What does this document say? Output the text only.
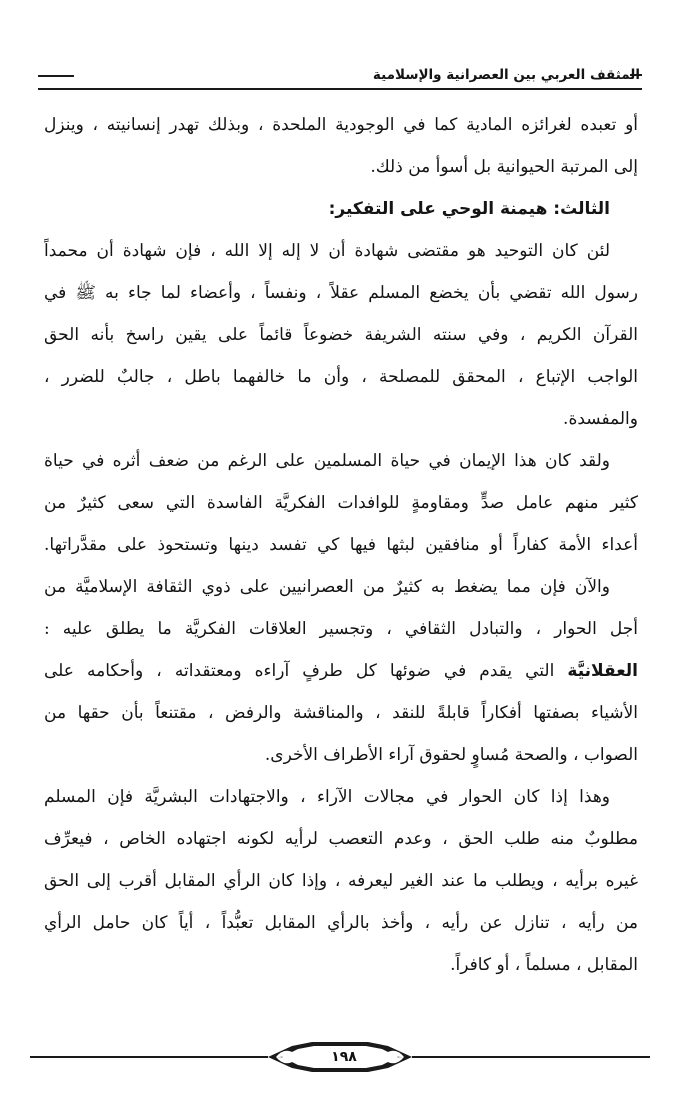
المثقف العربي بين العصرانية والإسلامية
أو تعبده لغرائزه المادية كما في الوجودية الملحدة ، وبذلك تهدر إنسانيته ، وينزل
إلى المرتبة الحيوانية بل أسوأ من ذلك.
الثالث: هيمنة الوحي على التفكير:
لئن كان التوحيد هو مقتضى شهادة أن لا إله إلا الله ، فإن شهادة أن محمداً
رسول الله تقضي بأن يخضع المسلم عقلاً ، ونفساً ، وأعضاء لما جاء به ﷺ في
القرآن الكريم ، وفي سنته الشريفة خضوعاً قائماً على يقين راسخ بأنه الحق
الواجب الإتباع ، المحقق للمصلحة ، وأن ما خالفهما باطل ، جالبٌ للضرر ،
والمفسدة.
ولقد كان هذا الإيمان في حياة المسلمين على الرغم من ضعف أثره في حياة
كثير منهم عامل صدٍّ ومقاومةٍ للوافدات الفكريَّة الفاسدة التي سعى كثيرٌ من
أعداء الأمة كفاراً أو منافقين لبثها فيها كي تفسد دينها وتستحوذ على مقدَّراتها.
والآن فإن مما يضغط به كثيرٌ من العصرانيين على ذوي الثقافة الإسلاميَّة من
أجل الحوار ، والتبادل الثقافي ، وتجسير العلاقات الفكريَّة ما يطلق عليه :
العقلانيَّة التي يقدم في ضوئها كل طرفٍ آراءه ومعتقداته ، وأحكامه على
الأشياء بصفتها أفكاراً قابلةً للنقد ، والمناقشة والرفض ، مقتنعاً بأن حقها من
الصواب ، والصحة مُساوٍ لحقوق آراء الأطراف الأخرى.
وهذا إذا كان الحوار في مجالات الآراء ، والاجتهادات البشريَّة فإن المسلم
مطلوبٌ منه طلب الحق ، وعدم التعصب لرأيه لكونه اجتهاده الخاص ، فيعرِّف
غيره برأيه ، ويطلب ما عند الغير ليعرفه ، وإذا كان الرأي المقابل أقرب إلى الحق
من رأيه ، تنازل عن رأيه ، وأخذ بالرأي المقابل تعبُّداً ، أياً كان حامل الرأي
المقابل ، مسلماً ، أو كافراً.
١٩٨
